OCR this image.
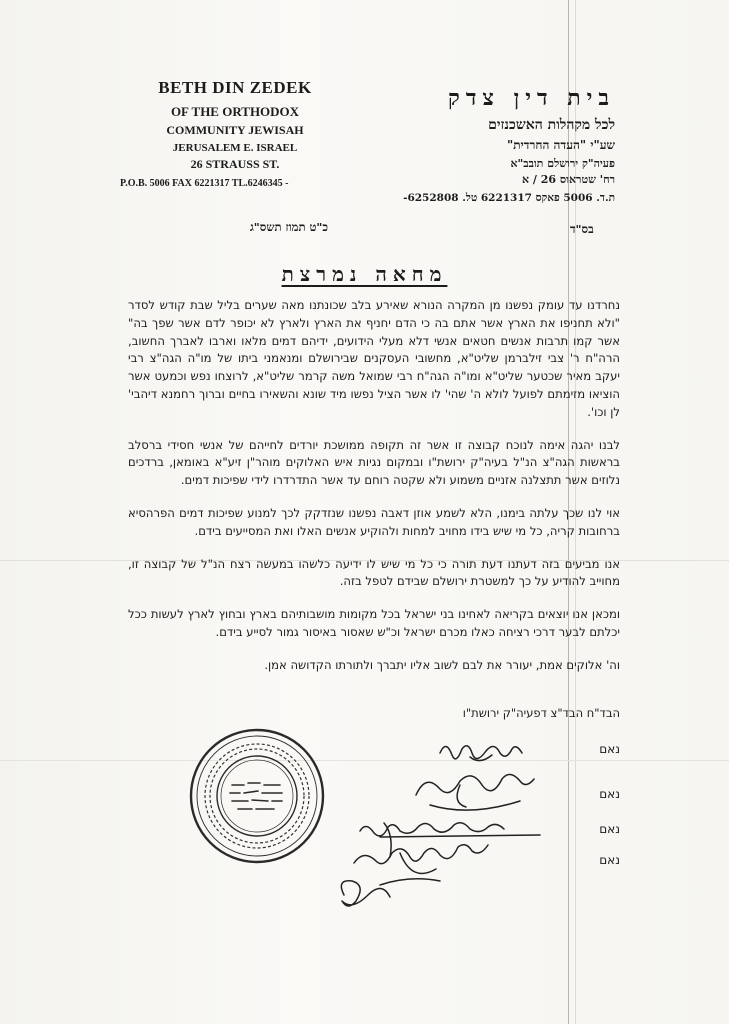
BETH DIN ZEDEK
OF THE ORTHODOX
COMMUNITY JEWISAH
JERUSALEM E. ISRAEL
26 STRAUSS ST.
P.O.B. 5006 FAX 6221317 TL.6246345 -
בית דין צדק
לכל מקהלות האשכנזים
שע"י "העדה החרדית"
פעיה"ק ירושלם תובב"א
רח' שטראוס 26 / א
ת.ד. 5006 פאקס 6221317 טל. 6252808-
כ"ט תמוז תשס"ג	בס"ד
מחאה נמרצת

נחרדנו עד עומק נפשנו מן המקרה הנורא שאירע בלב שכונתנו מאה שערים בליל שבת קודש לסדר "ולא תחניפו את הארץ אשר אתם בה כי הדם יחניף את הארץ ולארץ לא יכופר לדם אשר שפך בה" אשר קמו תרבות אנשים חטאים אנשי דלא מעלי הידועים, ידיהם דמים מלאו וארבו לאברך החשוב, הרה"ח ר' צבי זילברמן שליט"א, מחשובי העסקנים שבירושלם ומנאמני ביתו של מו"ה הגה"צ רבי יעקב מאיר שכטער שליט"א ומו"ה הגה"ח רבי שמואל משה קרמר שליט"א, לרוצחו נפש וכמעט אשר הוציאו מזימתם לפועל לולא ה' שהי' לו אשר הציל נפשו מיד שונא והשאירו בחיים וברוך רחמנא דיהבי' לן וכו'.

לבנו יהגה אימה לנוכח קבוצה זו אשר זה תקופה ממושכת יורדים לחייהם של אנשי חסידי ברסלב בראשות הגה"צ הנ"ל בעיה"ק ירושת"ו ובמקום נגיות איש האלוקים מוהר"ן זיע"א באומאן, ברדכים נלוזים אשר תתצלנה אזניים משמוע ולא שקטה רוחם עד אשר התדרדרו לידי שפיכות דמים.

אוי לנו שכך עלתה בימנו, הלא לשמע אוזן דאבה נפשנו שנזדקק לכך למנוע שפיכות דמים הפרהסיא ברחובות קריה, כל מי שיש בידו מחויב למחות ולהוקיע אנשים האלו ואת המסייעים בידם.

אנו מביעים בזה דעתנו דעת תורה כי כל מי שיש לו ידיעה כלשהו במעשה רצח הנ"ל של קבוצה זו, מחוייב להודיע על כך למשטרת ירושלם שבידם לטפל בזה.

ומכאן אנו יוצאים בקריאה לאחינו בני ישראל בכל מקומות מושבותיהם בארץ ובחוץ לארץ לעשות ככל יכלתם לבער דרכי רציחה כאלו מכרם ישראל וכ"ש שאסור באיסור גמור לסייע בידם.

וה' אלוקים אמת, יעורר את לבם לשוב אליו יתברך ולתורתו הקדושה אמן.

הבד"ח הבד"צ דפעיה"ק ירושת"ו
נאם
נאם
נאם
נאם
